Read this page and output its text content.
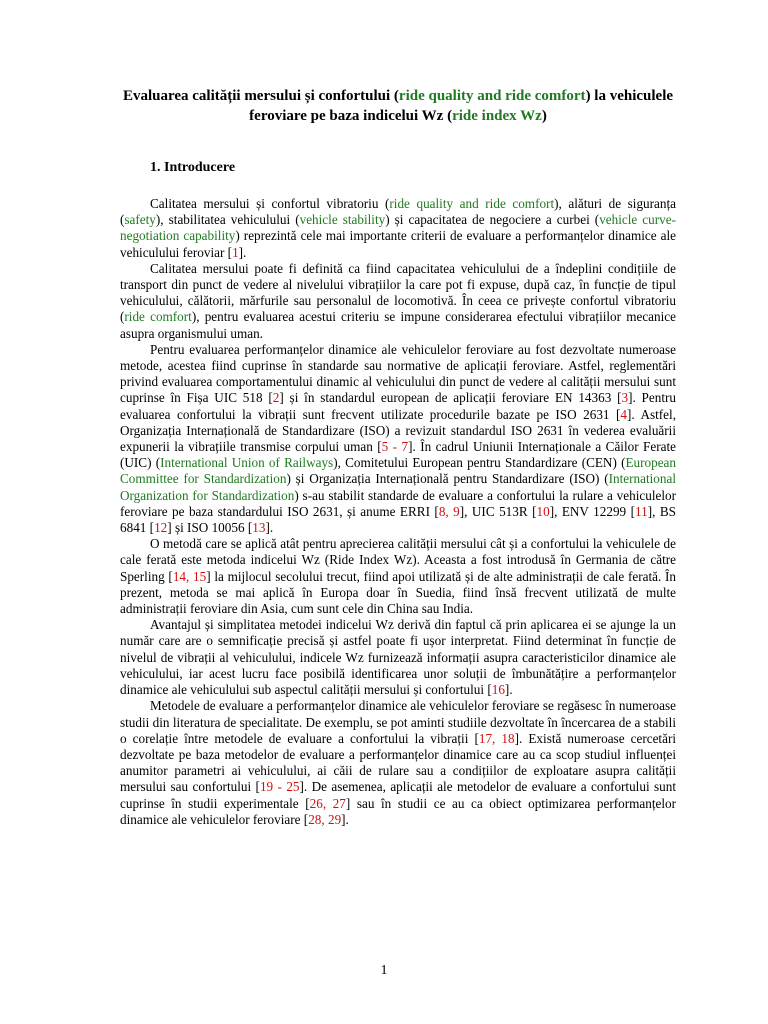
Evaluarea calității mersului și confortului (ride quality and ride comfort) la vehiculele feroviare pe baza indicelui Wz (ride index Wz)
1. Introducere

Calitatea mersului și confortul vibratoriu (ride quality and ride comfort), alături de siguranța (safety), stabilitatea vehiculului (vehicle stability) și capacitatea de negociere a curbei (vehicle curve-negotiation capability) reprezintă cele mai importante criterii de evaluare a performanțelor dinamice ale vehiculului feroviar [1].

Calitatea mersului poate fi definită ca fiind capacitatea vehiculului de a îndeplini condițiile de transport din punct de vedere al nivelului vibrațiilor la care pot fi expuse, după caz, în funcție de tipul vehiculului, călătorii, mărfurile sau personalul de locomotivă. În ceea ce privește confortul vibratoriu (ride comfort), pentru evaluarea acestui criteriu se impune considerarea efectului vibrațiilor mecanice asupra organismului uman.

Pentru evaluarea performanțelor dinamice ale vehiculelor feroviare au fost dezvoltate numeroase metode, acestea fiind cuprinse în standarde sau normative de aplicații feroviare. Astfel, reglementări privind evaluarea comportamentului dinamic al vehiculului din punct de vedere al calității mersului sunt cuprinse în Fișa UIC 518 [2] și în standardul european de aplicații feroviare EN 14363 [3]. Pentru evaluarea confortului la vibrații sunt frecvent utilizate procedurile bazate pe ISO 2631 [4]. Astfel, Organizația Internațională de Standardizare (ISO) a revizuit standardul ISO 2631 în vederea evaluării expunerii la vibrațiile transmise corpului uman [5 - 7]. În cadrul Uniunii Internaționale a Căilor Ferate (UIC) (International Union of Railways), Comitetului European pentru Standardizare (CEN) (European Committee for Standardization) și Organizația Internațională pentru Standardizare (ISO) (International Organization for Standardization) s-au stabilit standarde de evaluare a confortului la rulare a vehiculelor feroviare pe baza standardului ISO 2631, și anume ERRI [8, 9], UIC 513R [10], ENV 12299 [11], BS 6841 [12] și ISO 10056 [13].

O metodă care se aplică atât pentru aprecierea calității mersului cât și a confortului la vehiculele de cale ferată este metoda indicelui Wz (Ride Index Wz). Aceasta a fost introdusă în Germania de către Sperling [14, 15] la mijlocul secolului trecut, fiind apoi utilizată și de alte administrații de cale ferată. În prezent, metoda se mai aplică în Europa doar în Suedia, fiind însă frecvent utilizată de multe administrații feroviare din Asia, cum sunt cele din China sau India.

Avantajul și simplitatea metodei indicelui Wz derivă din faptul că prin aplicarea ei se ajunge la un număr care are o semnificație precisă și astfel poate fi ușor interpretat. Fiind determinat în funcție de nivelul de vibrații al vehiculului, indicele Wz furnizează informații asupra caracteristicilor dinamice ale vehiculului, iar acest lucru face posibilă identificarea unor soluții de îmbunătățire a performanțelor dinamice ale vehiculului sub aspectul calității mersului și confortului [16].

Metodele de evaluare a performanțelor dinamice ale vehiculelor feroviare se regăsesc în numeroase studii din literatura de specialitate. De exemplu, se pot aminti studiile dezvoltate în încercarea de a stabili o corelație între metodele de evaluare a confortului la vibrații [17, 18]. Există numeroase cercetări dezvoltate pe baza metodelor de evaluare a performanțelor dinamice care au ca scop studiul influenței anumitor parametri ai vehiculului, ai căii de rulare sau a condițiilor de exploatare asupra calității mersului sau confortului [19 - 25]. De asemenea, aplicații ale metodelor de evaluare a confortului sunt cuprinse în studii experimentale [26, 27] sau în studii ce au ca obiect optimizarea performanțelor dinamice ale vehiculelor feroviare [28, 29].

1
